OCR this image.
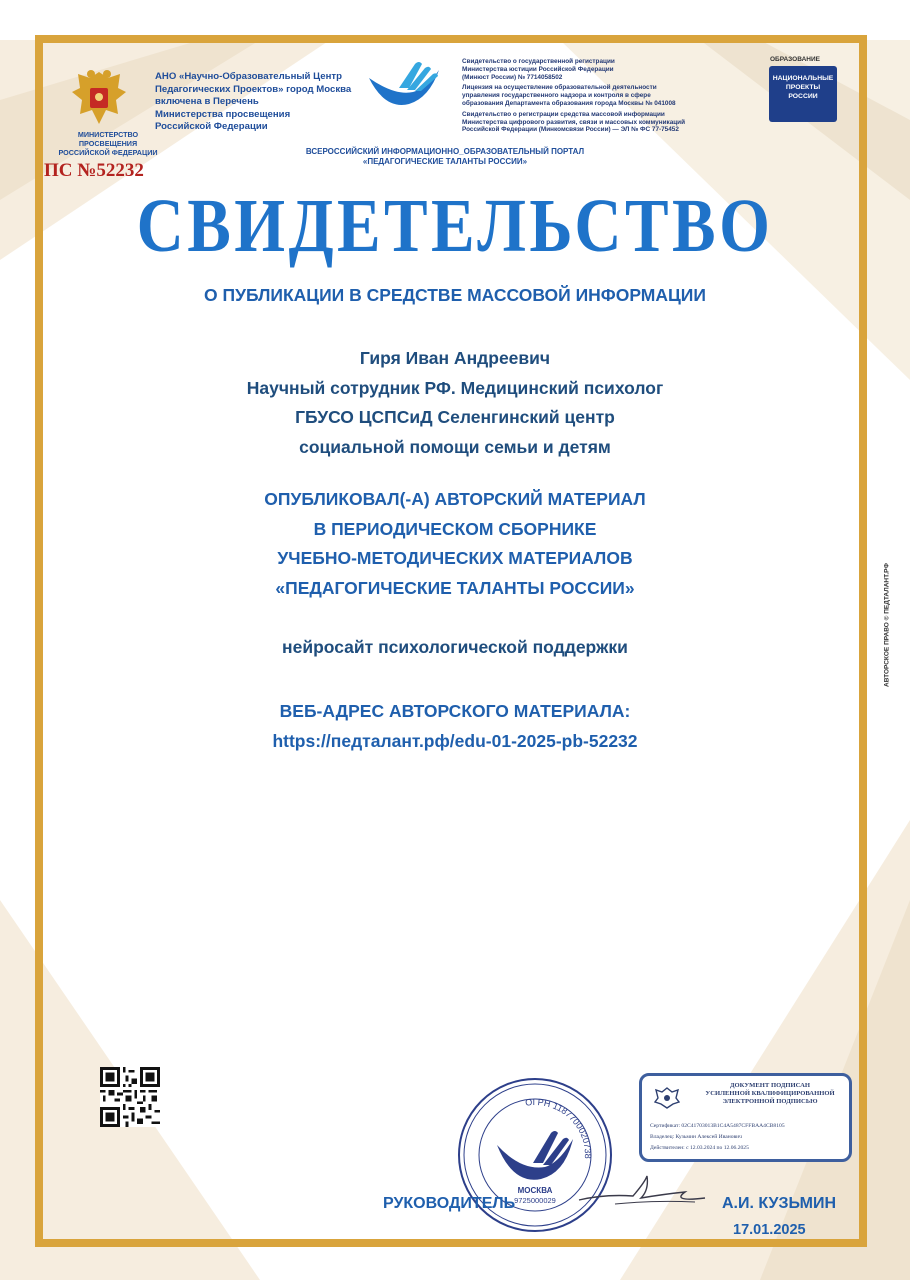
АНО «Научно-Образовательный Центр
Педагогических Проектов» город Москва
включена в Перечень
Министерства просвещения
Российской Федерации
МИНИСТЕРСТВО ПРОСВЕЩЕНИЯ
РОССИЙСКОЙ ФЕДЕРАЦИИ
ПС №52232

Свидетельство о государственной регистрации
Министерства юстиции Российской Федерации
(Минюст России) № 7714058502

Лицензия на осуществление образовательной деятельности
управления государственного надзора и контроля в сфере
образования Департамента образования города Москвы № 041008

Свидетельство о регистрации средства массовой информации
Министерства цифрового развития, связи и массовых коммуникаций
Российской Федерации (Минкомсвязи России) — ЭЛ № ФС 77-75452

ОБРАЗОВАНИЕ
НАЦИОНАЛЬНЫЕ
ПРОЕКТЫ
РОССИИ
ВСЕРОССИЙСКИЙ ИНФОРМАЦИОННО_ОБРАЗОВАТЕЛЬНЫЙ ПОРТАЛ
«ПЕДАГОГИЧЕСКИЕ ТАЛАНТЫ РОССИИ»
СВИДЕТЕЛЬСТВО
О ПУБЛИКАЦИИ В СРЕДСТВЕ МАССОВОЙ ИНФОРМАЦИИ
Гиря Иван Андреевич
Научный сотрудник РФ. Медицинский психолог
ГБУСО ЦСПСиД Селенгинский центр
социальной помощи семьи и детям
ОПУБЛИКОВАЛ(-А) АВТОРСКИЙ МАТЕРИАЛ
В ПЕРИОДИЧЕСКОМ СБОРНИКЕ
УЧЕБНО-МЕТОДИЧЕСКИХ МАТЕРИАЛОВ
«ПЕДАГОГИЧЕСКИЕ ТАЛАНТЫ РОССИИ»
нейросайт психологической поддержки
ВЕБ-АДРЕС АВТОРСКОГО МАТЕРИАЛА:
https://педталант.рф/edu-01-2025-pb-52232
АВТОРСКОЕ ПРАВО © ПЕДТАЛАНТ.РФ
ОГРН 1187700020738
МОСКВА
9725000029
ДОКУМЕНТ ПОДПИСАН
УСИЛЕННОЙ КВАЛИФИЦИРОВАННОЙ
ЭЛЕКТРОННОЙ ПОДПИСЬЮ
Сертификат: 02C41703013B1C4A5487CFFBAA4CB8105
Владелец: Кузьмин Алексей Иванович
Действителен: с 12.03.2024 по 12.06.2025
РУКОВОДИТЕЛЬ	А.И. КУЗЬМИН
17.01.2025
